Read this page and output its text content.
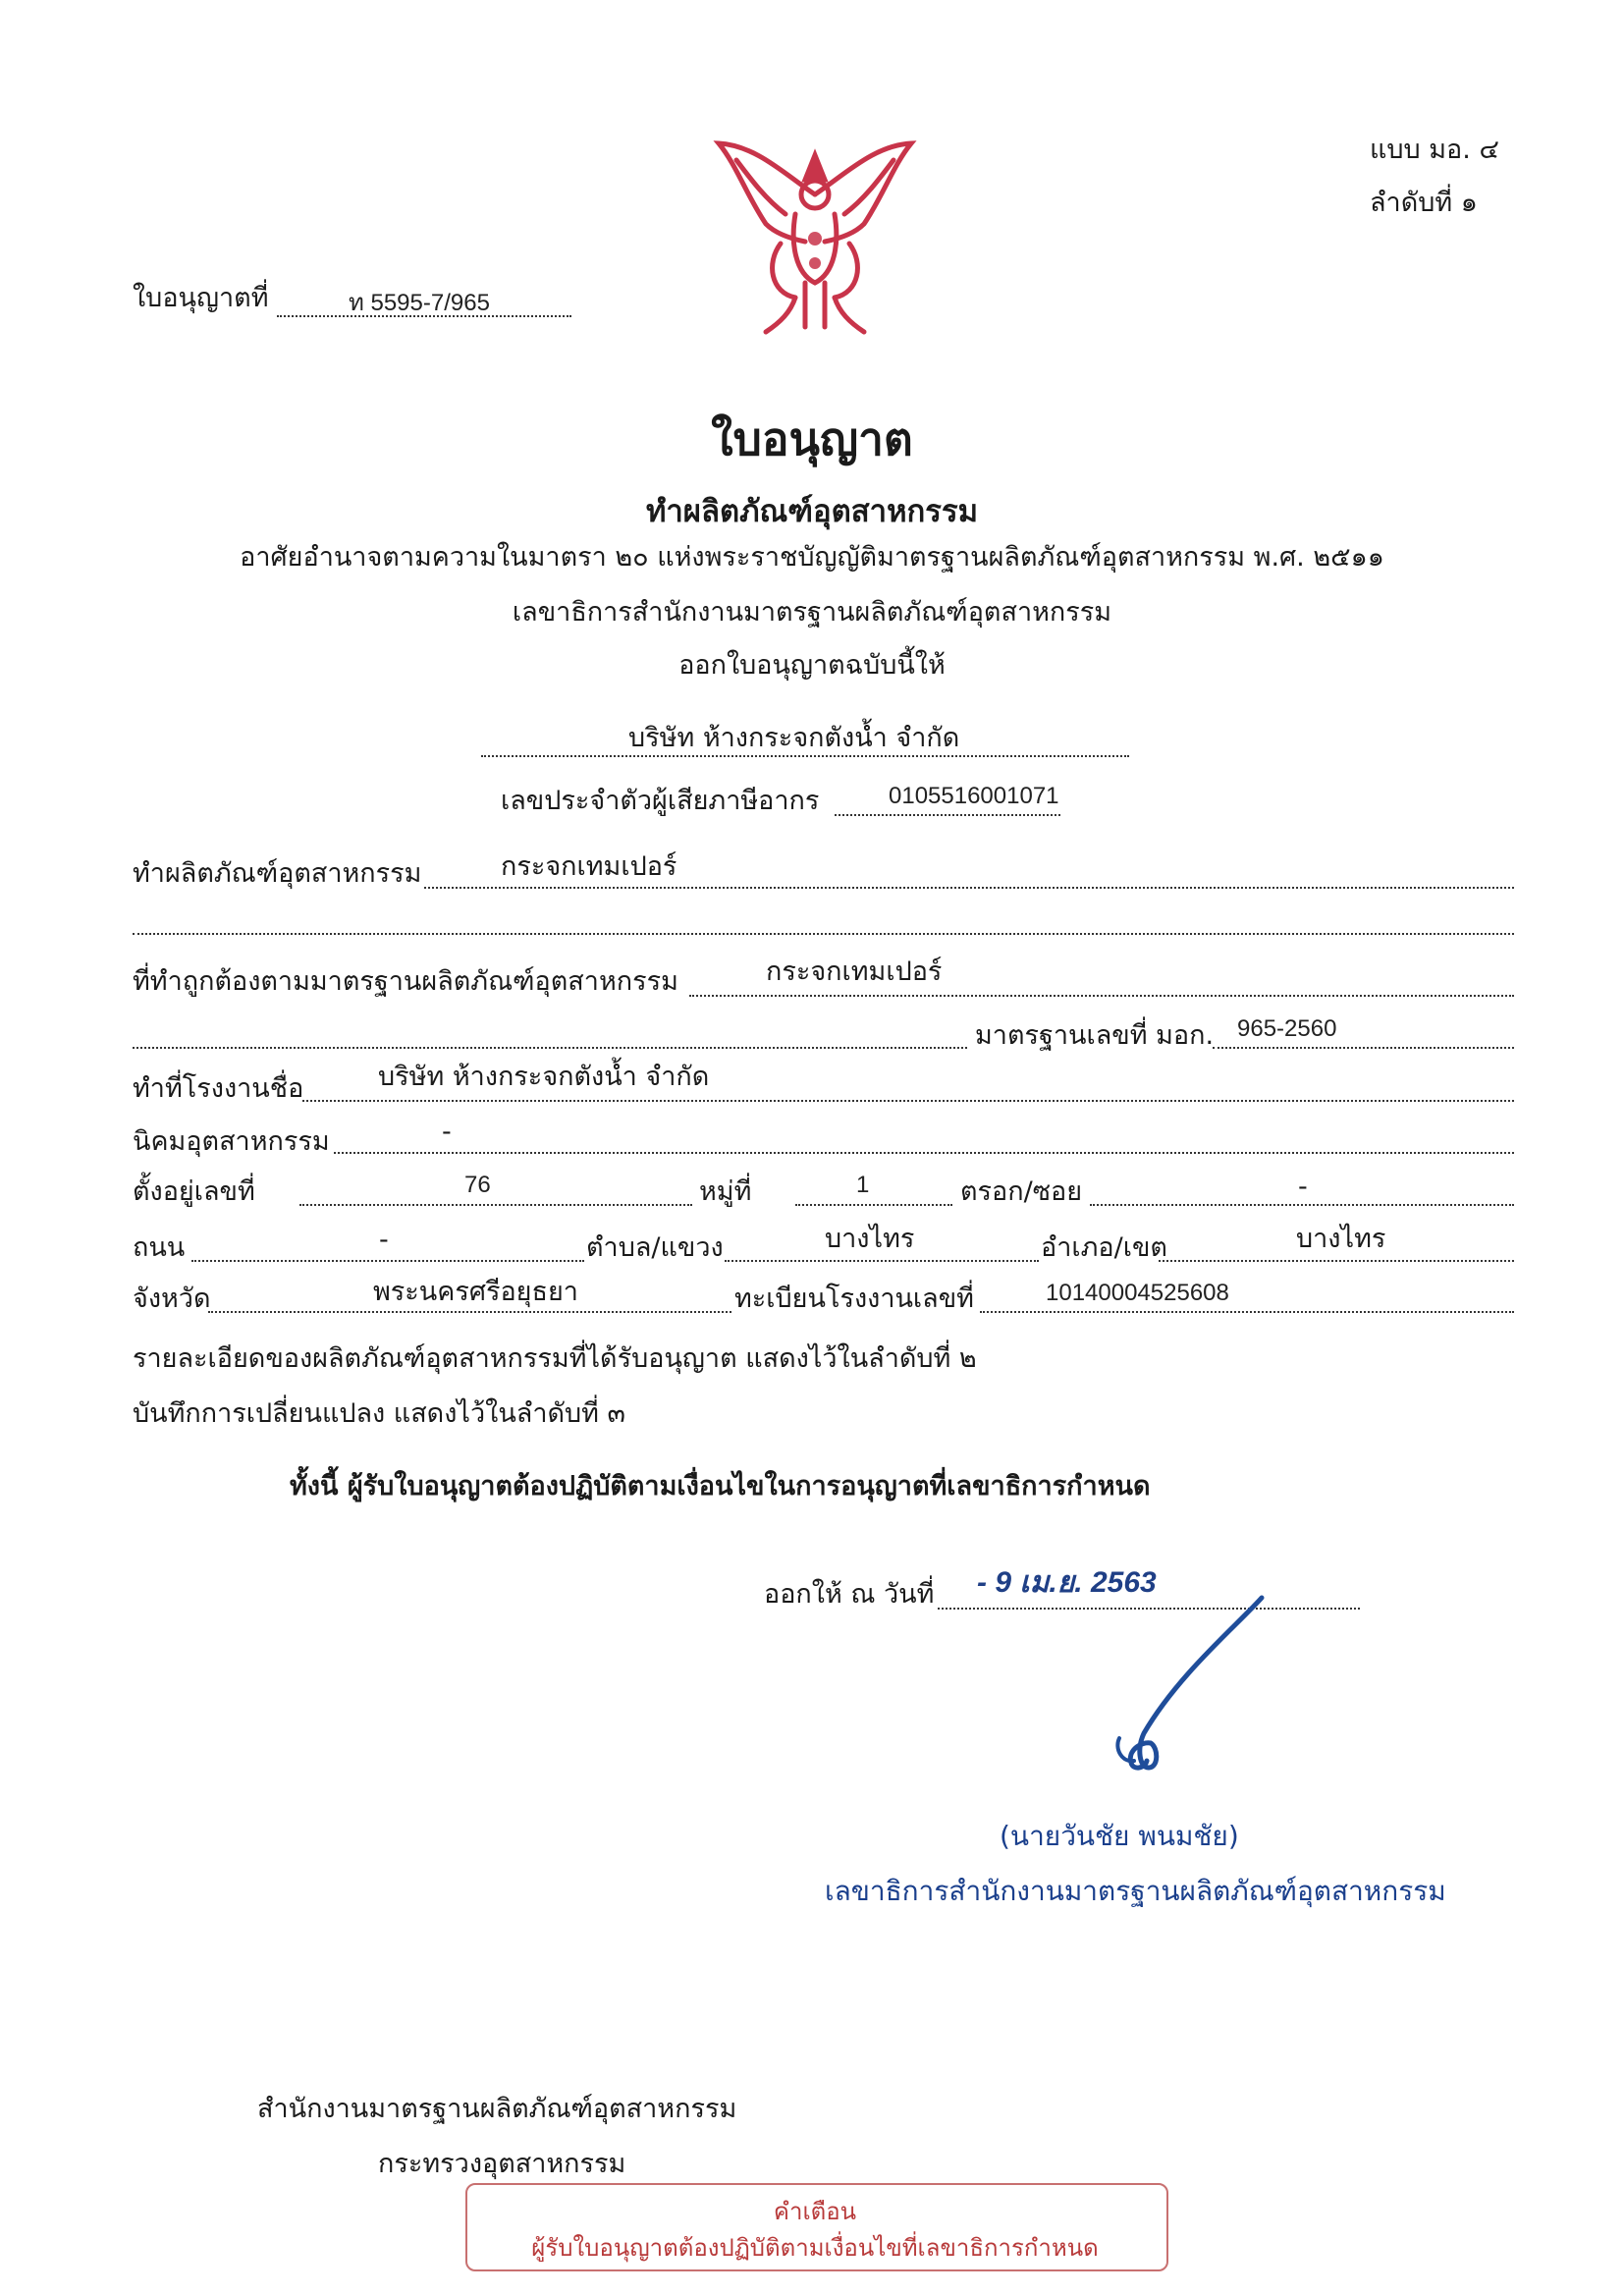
แบบ มอ. ๔
ลำดับที่ ๑
ใบอนุญาตที่	ท 5595-7/965
ใบอนุญาต
ทำผลิตภัณฑ์อุตสาหกรรม
อาศัยอำนาจตามความในมาตรา ๒๐ แห่งพระราชบัญญัติมาตรฐานผลิตภัณฑ์อุตสาหกรรม พ.ศ. ๒๕๑๑
เลขาธิการสำนักงานมาตรฐานผลิตภัณฑ์อุตสาหกรรม
ออกใบอนุญาตฉบับนี้ให้
บริษัท ห้างกระจกตังน้ำ จำกัด
เลขประจำตัวผู้เสียภาษีอากร	0105516001071
ทำผลิตภัณฑ์อุตสาหกรรม	กระจกเทมเปอร์
ที่ทำถูกต้องตามมาตรฐานผลิตภัณฑ์อุตสาหกรรม	กระจกเทมเปอร์
มาตรฐานเลขที่ มอก. 965-2560
ทำที่โรงงานชื่อ	บริษัท ห้างกระจกตังน้ำ จำกัด
นิคมอุตสาหกรรม	-
ตั้งอยู่เลขที่	76	หมู่ที่	1	ตรอก/ซอย	-
ถนน	-	ตำบล/แขวง	บางไทร	อำเภอ/เขต	บางไทร
จังหวัด	พระนครศรีอยุธยา	ทะเบียนโรงงานเลขที่	10140004525608
รายละเอียดของผลิตภัณฑ์อุตสาหกรรมที่ได้รับอนุญาต แสดงไว้ในลำดับที่ ๒
บันทึกการเปลี่ยนแปลง แสดงไว้ในลำดับที่ ๓
ทั้งนี้ ผู้รับใบอนุญาตต้องปฏิบัติตามเงื่อนไขในการอนุญาตที่เลขาธิการกำหนด
ออกให้ ณ วันที่ - 9 เม.ย. 2563
(นายวันชัย พนมชัย)
เลขาธิการสำนักงานมาตรฐานผลิตภัณฑ์อุตสาหกรรม
สำนักงานมาตรฐานผลิตภัณฑ์อุตสาหกรรม
กระทรวงอุตสาหกรรม
คำเตือน
ผู้รับใบอนุญาตต้องปฏิบัติตามเงื่อนไขที่เลขาธิการกำหนด
